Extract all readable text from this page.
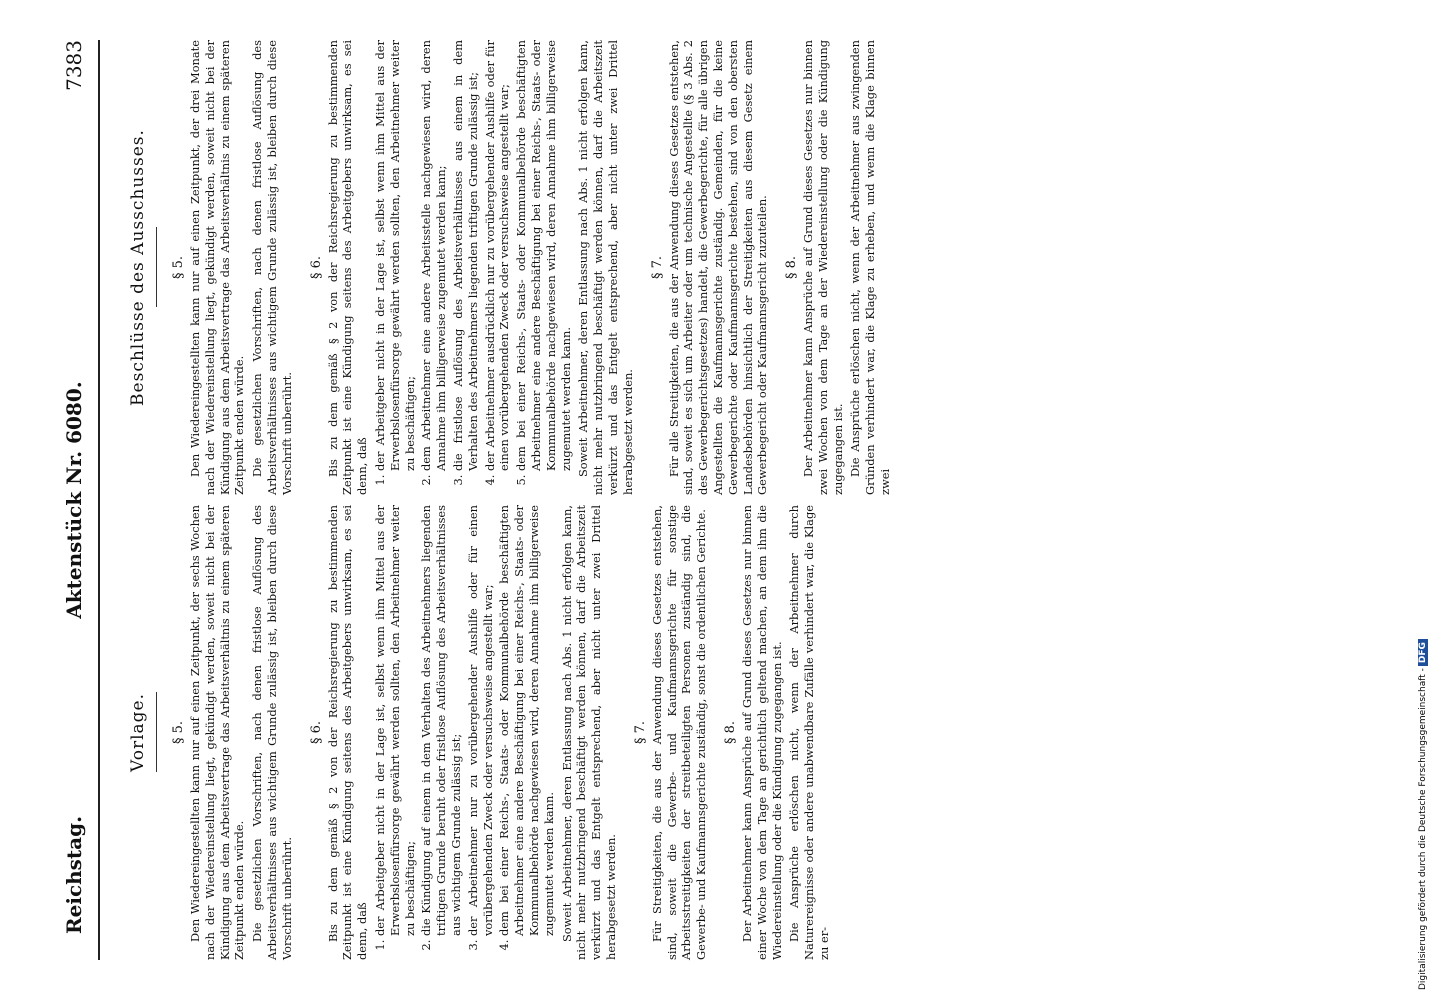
Reichstag.
Aktenstück Nr. 6080.
7383
Vorlage. § 5. Den Wiedereingestellten kann nur auf einen Zeitpunkt, der sechs Wochen nach der Wiedereinstellung liegt, gekündigt werden, soweit nicht bei der Kündigung aus dem Arbeitsvertrage das Arbeitsverhältnis zu einem späteren Zeitpunkt enden würde. Die gesetzlichen Vorschriften, nach denen fristlose Auflösung des Arbeitsverhältnisses aus wichtigem Grunde zulässig ist, bleiben durch diese Vorschrift unberührt.

§ 6. Bis zu dem gemäß § 2 von der Reichsregierung zu bestimmenden Zeitpunkt ist eine Kündigung seitens des Arbeitgebers unwirksam, es sei denn, daß 1. der Arbeitgeber nicht in der Lage ist, selbst wenn ihm Mittel aus der Erwerbslosenfürsorge gewährt werden sollten, den Arbeitnehmer weiter zu beschäftigen; 2. die Kündigung auf einem in dem Verhalten des Arbeitnehmers liegenden triftigen Grunde beruht oder fristlose Auflösung des Arbeitsverhältnisses aus wichtigem Grunde zulässig ist; 3. der Arbeitnehmer nur zu vorübergehender Aushilfe oder für einen vorübergehenden Zweck oder versuchsweise angestellt war; 4. dem bei einer Reichs-, Staats- oder Kommunalbehörde beschäftigten Arbeitnehmer eine andere Beschäftigung bei einer Reichs-, Staats- oder Kommunalbehörde nachgewiesen wird, deren Annahme ihm billigerweise zugemutet werden kann. Soweit Arbeitnehmer, deren Entlassung nach Abs. 1 nicht erfolgen kann, nicht mehr nutzbringend beschäftigt werden können, darf die Arbeitszeit verkürzt und das Entgelt entsprechend, aber nicht unter zwei Drittel herabgesetzt werden.

§ 7. Für Streitigkeiten, die aus der Anwendung dieses Gesetzes entstehen, sind, soweit die Gewerbe- und Kaufmannsgerichte für sonstige Arbeitsstreitigkeiten der streitbeteiligten Personen zuständig sind, die Gewerbe- und Kaufmannsgerichte zuständig, sonst die ordentlichen Gerichte. § 8. Der Arbeitnehmer kann Ansprüche auf Grund dieses Gesetzes nur binnen einer Woche von dem Tage an gerichtlich geltend machen, an dem ihm die Wiedereinstellung oder die Kündigung zugegangen ist. Die Ansprüche erlöschen nicht, wenn der Arbeitnehmer durch Naturereignisse oder andere unabwendbare Zufälle verhindert war, die Klage zu er-

Beschlüsse des Ausschusses. § 5. Den Wiedereingestellten kann nur auf einen Zeitpunkt, der drei Monate nach der Wiedereinstellung liegt, gekündigt werden, soweit nicht bei der Kündigung aus dem Arbeitsvertrage das Arbeitsverhältnis zu einem späteren Zeitpunkt enden würde. Die gesetzlichen Vorschriften, nach denen fristlose Auflösung des Arbeitsverhältnisses aus wichtigem Grunde zulässig ist, bleiben durch diese Vorschrift unberührt.

§ 6. Bis zu dem gemäß § 2 von der Reichsregierung zu bestimmenden Zeitpunkt ist eine Kündigung seitens des Arbeitgebers unwirksam, es sei denn, daß 1. der Arbeitgeber nicht in der Lage ist, selbst wenn ihm Mittel aus der Erwerbslosenfürsorge gewährt werden sollten, den Arbeitnehmer weiter zu beschäftigen; 2. dem Arbeitnehmer eine andere Arbeitsstelle nachgewiesen wird, deren Annahme ihm billigerweise zugemutet werden kann; 3. die fristlose Auflösung des Arbeitsverhältnisses aus einem in dem Verhalten des Arbeitnehmers liegenden triftigen Grunde zulässig ist; 4. der Arbeitnehmer ausdrücklich nur zu vorübergehender Aushilfe oder für einen vorübergehenden Zweck oder versuchsweise angestellt war; 5. dem bei einer Reichs-, Staats- oder Kommunalbehörde beschäftigten Arbeitnehmer eine andere Beschäftigung bei einer Reichs-, Staats- oder Kommunalbehörde nachgewiesen wird, deren Annahme ihm billigerweise zugemutet werden kann. Soweit Arbeitnehmer, deren Entlassung nach Abs. 1 nicht erfolgen kann, nicht mehr nutzbringend beschäftigt werden können, darf die Arbeitszeit verkürzt und das Entgelt entsprechend, aber nicht unter zwei Drittel herabgesetzt werden.

§ 7. Für alle Streitigkeiten, die aus der Anwendung dieses Gesetzes entstehen, sind, soweit es sich um Arbeiter oder um technische Angestellte (§ 3 Abs. 2 des Gewerbegerichtsgesetzes) handelt, die Gewerbegerichte, für alle übrigen Angestellten die Kaufmannsgerichte zuständig. Gemeinden, für die keine Gewerbegerichte oder Kaufmannsgerichte bestehen, sind von den obersten Landesbehörden hinsichtlich der Streitigkeiten aus diesem Gesetz einem Gewerbegericht oder Kaufmannsgericht zuzuteilen. § 8. Der Arbeitnehmer kann Ansprüche auf Grund dieses Gesetzes nur binnen zwei Wochen von dem Tage an der Wiedereinstellung oder die Kündigung zugegangen ist. Die Ansprüche erlöschen nicht, wenn der Arbeitnehmer aus zwingenden Gründen verhindert war, die Klage zu erheben, und wenn die Klage binnen zwei

Digitalisierung gefördert durch die Deutsche Forschungsgemeinschaft -DFG
